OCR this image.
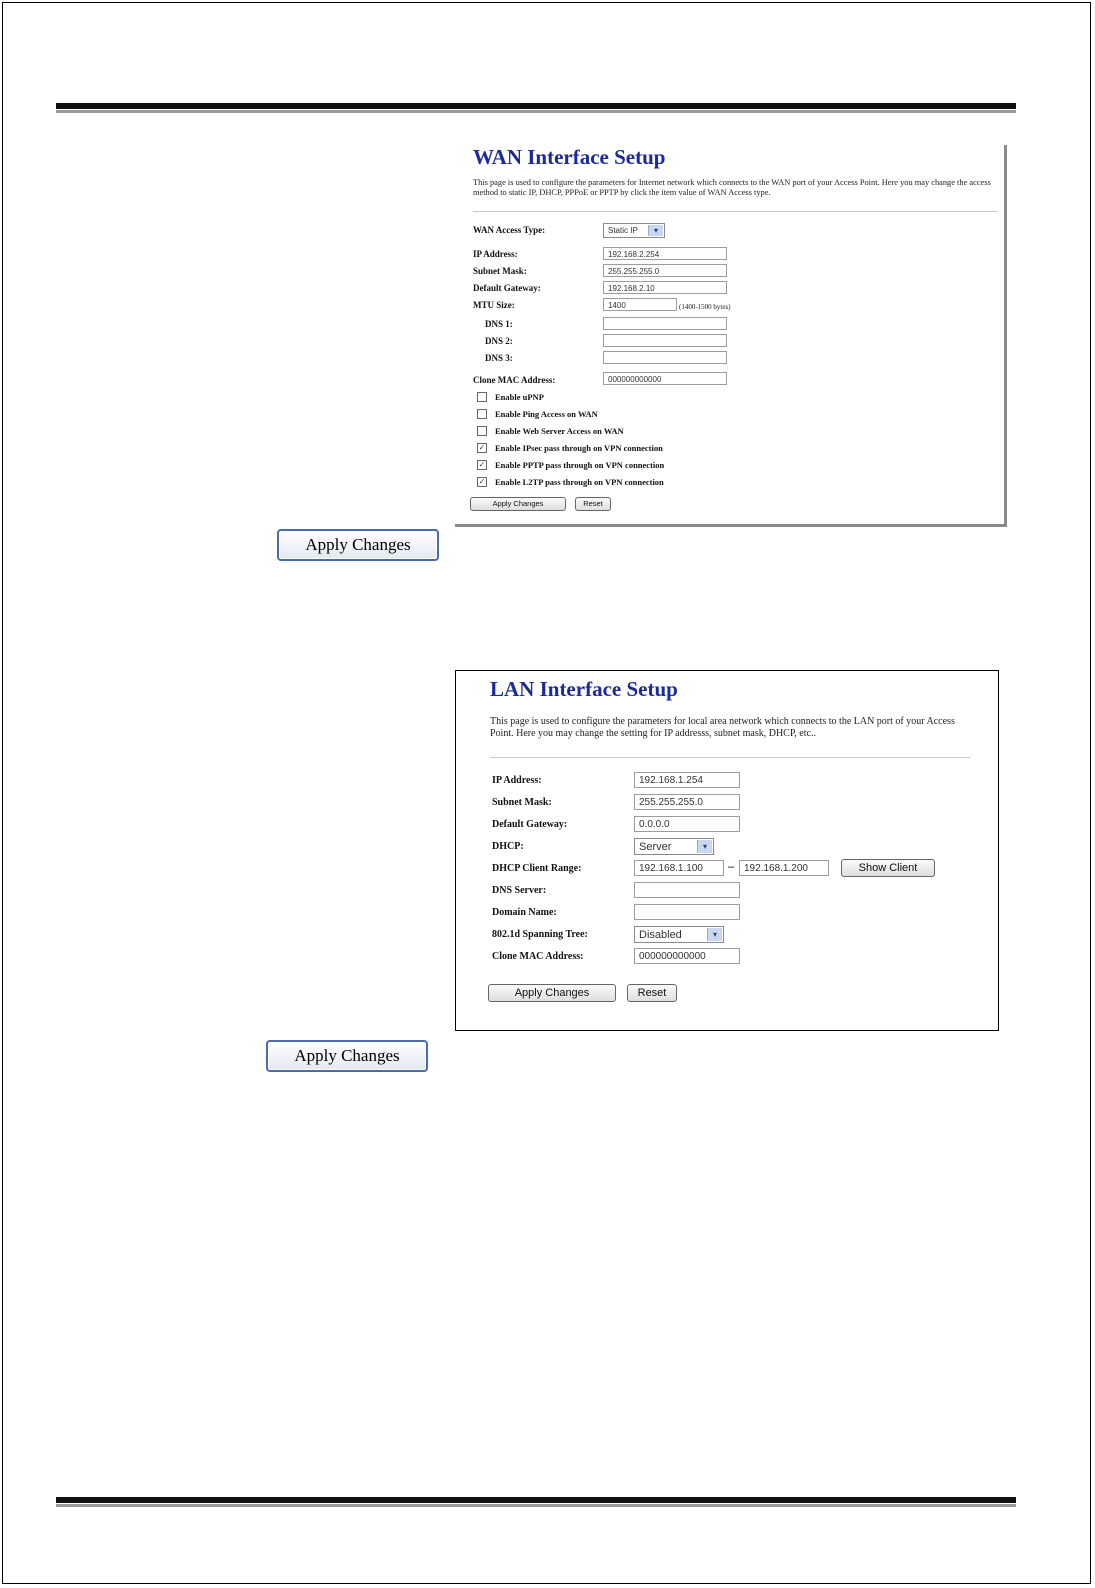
WAN Interface Setup
This page is used to configure the parameters for Internet network which connects to the WAN port of your Access Point. Here you may change the access method to static IP, DHCP, PPPoE or PPTP by click the item value of WAN Access type.
WAN Access Type:	Static IP	▾
IP Address:	192.168.2.254
Subnet Mask:	255.255.255.0
Default Gateway:	192.168.2.10
MTU Size:	1400	(1400-1500 bytes)
DNS 1:
DNS 2:
DNS 3:
Clone MAC Address:	000000000000
Enable uPNP
Enable Ping Access on WAN
Enable Web Server Access on WAN
✓ Enable IPsec pass through on VPN connection
✓ Enable PPTP pass through on VPN connection
✓ Enable L2TP pass through on VPN connection
Apply Changes	Reset
Apply Changes
LAN Interface Setup
This page is used to configure the parameters for local area network which connects to the LAN port of your Access Point. Here you may change the setting for IP addresss, subnet mask, DHCP, etc..
IP Address:	192.168.1.254
Subnet Mask:	255.255.255.0
Default Gateway:	0.0.0.0
DHCP:	Server	▾
DHCP Client Range:	192.168.1.100	–	192.168.1.200	Show Client
DNS Server:
Domain Name:
802.1d Spanning Tree:	Disabled	▾
Clone MAC Address:	000000000000
Apply Changes	Reset
Apply Changes
